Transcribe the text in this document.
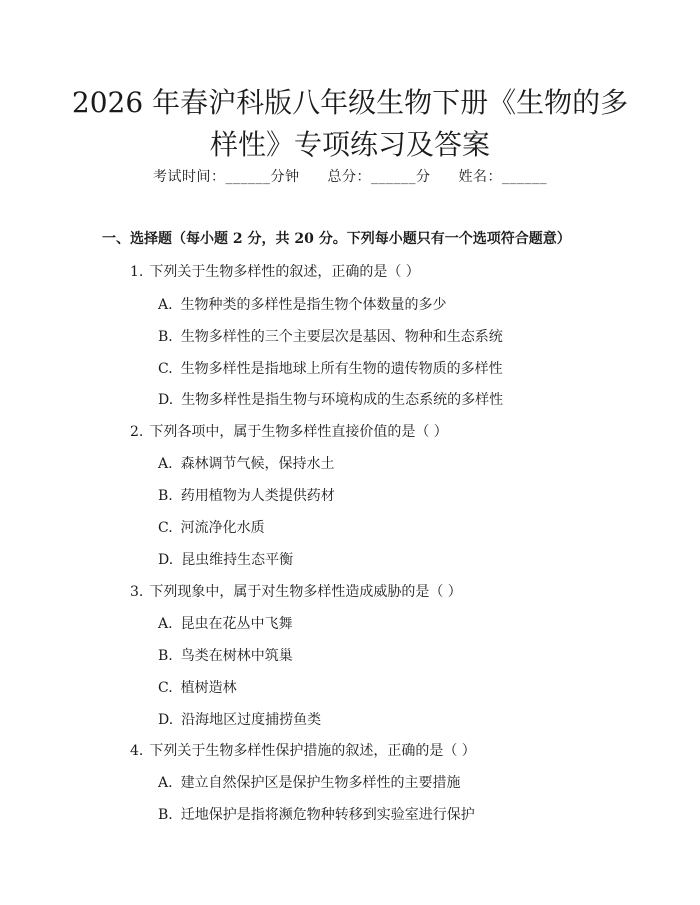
2026 年春沪科版八年级生物下册《生物的多样性》专项练习及答案
考试时间：______分钟 总分：______分 姓名：______
一、选择题（每小题 2 分，共 20 分。下列每小题只有一个选项符合题意）
1. 下列关于生物多样性的叙述，正确的是（ ）
A. 生物种类的多样性是指生物个体数量的多少
B. 生物多样性的三个主要层次是基因、物种和生态系统
C. 生物多样性是指地球上所有生物的遗传物质的多样性
D. 生物多样性是指生物与环境构成的生态系统的多样性
2. 下列各项中，属于生物多样性直接价值的是（ ）
A. 森林调节气候，保持水土
B. 药用植物为人类提供药材
C. 河流净化水质
D. 昆虫维持生态平衡
3. 下列现象中，属于对生物多样性造成威胁的是（ ）
A. 昆虫在花丛中飞舞
B. 鸟类在树林中筑巢
C. 植树造林
D. 沿海地区过度捕捞鱼类
4. 下列关于生物多样性保护措施的叙述，正确的是（ ）
A. 建立自然保护区是保护生物多样性的主要措施
B. 迁地保护是指将濒危物种转移到实验室进行保护
